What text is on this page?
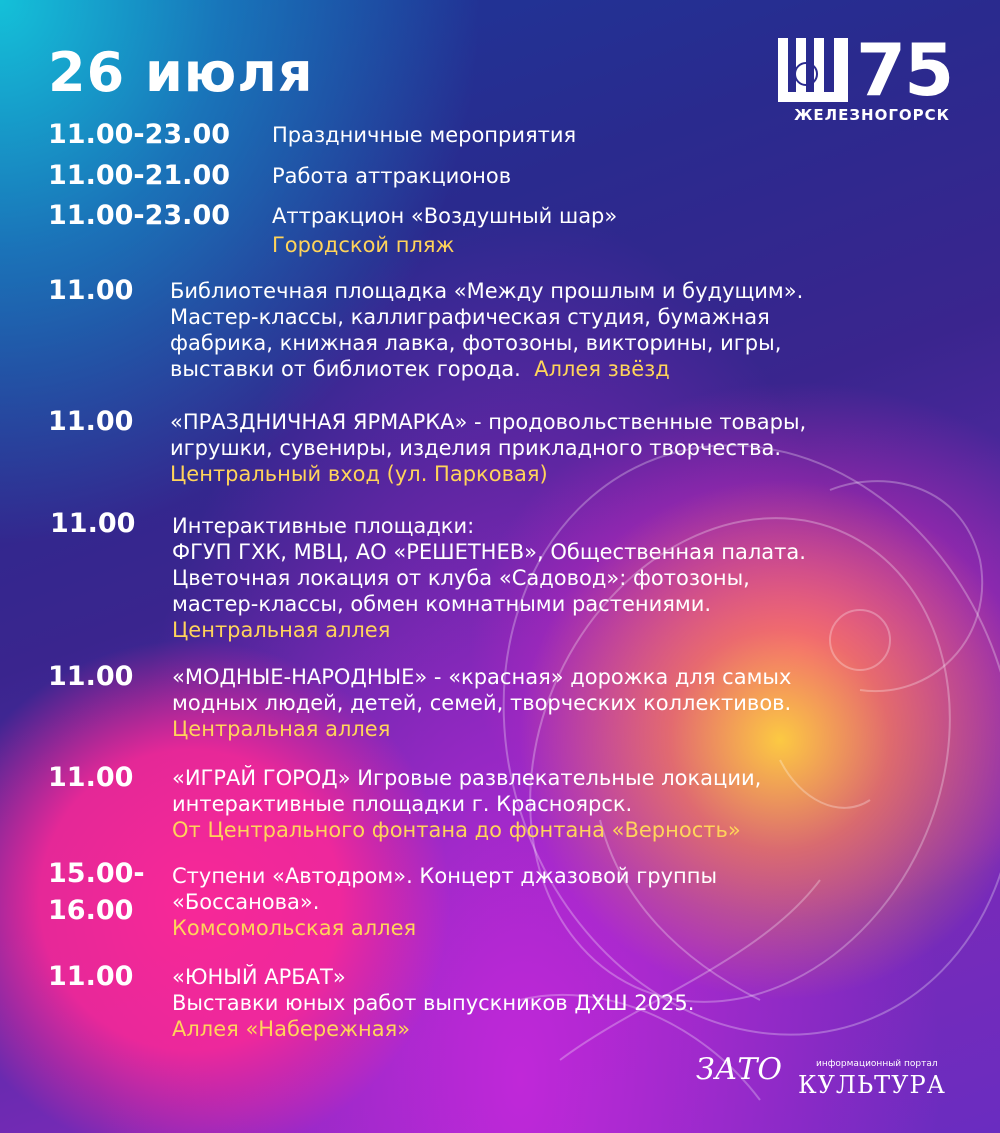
26 июля	75
ЖЕЛЕЗНОГОРСК
11.00-23.00 Праздничные мероприятия
11.00-21.00 Работа аттракционов
11.00-23.00 Аттракцион «Воздушный шар»
Городской пляж
11.00 Библиотечная площадка «Между прошлым и будущим».
Мастер-классы, каллиграфическая студия, бумажная
фабрика, книжная лавка, фотозоны, викторины, игры,
выставки от библиотек города. Аллея звёзд
11.00 «ПРАЗДНИЧНАЯ ЯРМАРКА» - продовольственные товары,
игрушки, сувениры, изделия прикладного творчества.
Центральный вход (ул. Парковая)
11.00 Интерактивные площадки:
ФГУП ГХК, МВЦ, АО «РЕШЕТНЕВ», Общественная палата.
Цветочная локация от клуба «Садовод»: фотозоны,
мастер-классы, обмен комнатными растениями.
Центральная аллея
11.00 «МОДНЫЕ-НАРОДНЫЕ» - «красная» дорожка для самых
модных людей, детей, семей, творческих коллективов.
Центральная аллея
11.00 «ИГРАЙ ГОРОД» Игровые развлекательные локации,
интерактивные площадки г. Красноярск.
От Центрального фонтана до фонтана «Верность»
15.00-
16.00
Ступени «Автодром». Концерт джазовой группы
«Боссанова».
Комсомольская аллея
11.00 «ЮНЫЙ АРБАТ»
Выставки юных работ выпускников ДХШ 2025.
Аллея «Набережная»
ЗАТО	информационный портал
КУЛЬТУРА
